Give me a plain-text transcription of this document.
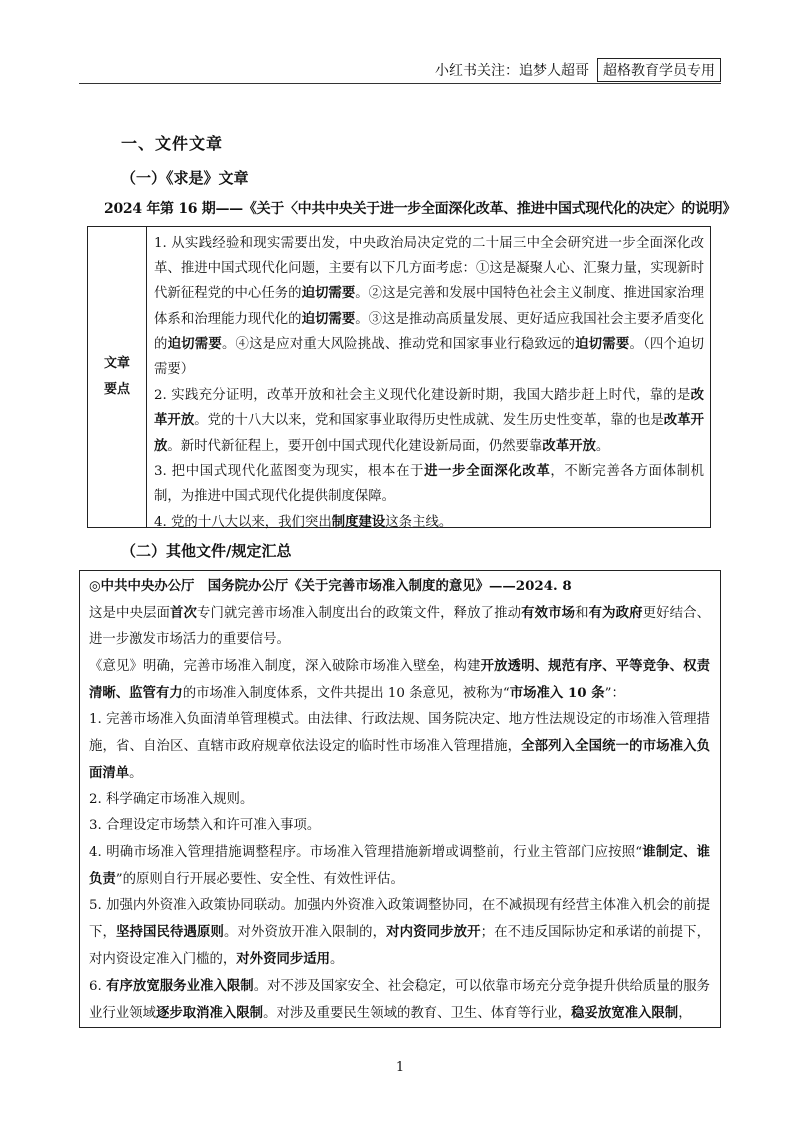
小红书关注：追梦人超哥	超格教育学员专用
一、文件文章
（一）《求是》文章
2024 年第 16 期——《关于〈中共中央关于进一步全面深化改革、推进中国式现代化的决定〉的说明》
文章
要点

1. 从实践经验和现实需要出发，中央政治局决定党的二十届三中全会研究进一步全面深化改革、推进中国式现代化问题，主要有以下几方面考虑：①这是凝聚人心、汇聚力量，实现新时代新征程党的中心任务的迫切需要。②这是完善和发展中国特色社会主义制度、推进国家治理体系和治理能力现代化的迫切需要。③这是推动高质量发展、更好适应我国社会主要矛盾变化的迫切需要。④这是应对重大风险挑战、推动党和国家事业行稳致远的迫切需要。（四个迫切需要）

2. 实践充分证明，改革开放和社会主义现代化建设新时期，我国大踏步赶上时代，靠的是改革开放。党的十八大以来，党和国家事业取得历史性成就、发生历史性变革，靠的也是改革开放。新时代新征程上，要开创中国式现代化建设新局面，仍然要靠改革开放。

3. 把中国式现代化蓝图变为现实，根本在于进一步全面深化改革，不断完善各方面体制机制，为推进中国式现代化提供制度保障。

4. 党的十八大以来，我们突出制度建设这条主线。

（二）其他文件/规定汇总

◎中共中央办公厅　国务院办公厅《关于完善市场准入制度的意见》——2024. 8

这是中央层面首次专门就完善市场准入制度出台的政策文件，释放了推动有效市场和有为政府更好结合、进一步激发市场活力的重要信号。

《意见》明确，完善市场准入制度，深入破除市场准入壁垒，构建开放透明、规范有序、平等竞争、权责清晰、监管有力的市场准入制度体系，文件共提出 10 条意见，被称为“市场准入 10 条”：

1. 完善市场准入负面清单管理模式。由法律、行政法规、国务院决定、地方性法规设定的市场准入管理措施，省、自治区、直辖市政府规章依法设定的临时性市场准入管理措施，全部列入全国统一的市场准入负面清单。

2. 科学确定市场准入规则。

3. 合理设定市场禁入和许可准入事项。

4. 明确市场准入管理措施调整程序。市场准入管理措施新增或调整前，行业主管部门应按照“谁制定、谁负责”的原则自行开展必要性、安全性、有效性评估。

5. 加强内外资准入政策协同联动。加强内外资准入政策调整协同，在不减损现有经营主体准入机会的前提下，坚持国民待遇原则。对外资放开准入限制的，对内资同步放开；在不违反国际协定和承诺的前提下，对内资设定准入门槛的，对外资同步适用。

6. 有序放宽服务业准入限制。对不涉及国家安全、社会稳定，可以依靠市场充分竞争提升供给质量的服务业行业领域逐步取消准入限制。对涉及重要民生领域的教育、卫生、体育等行业，稳妥放宽准入限制，

1
